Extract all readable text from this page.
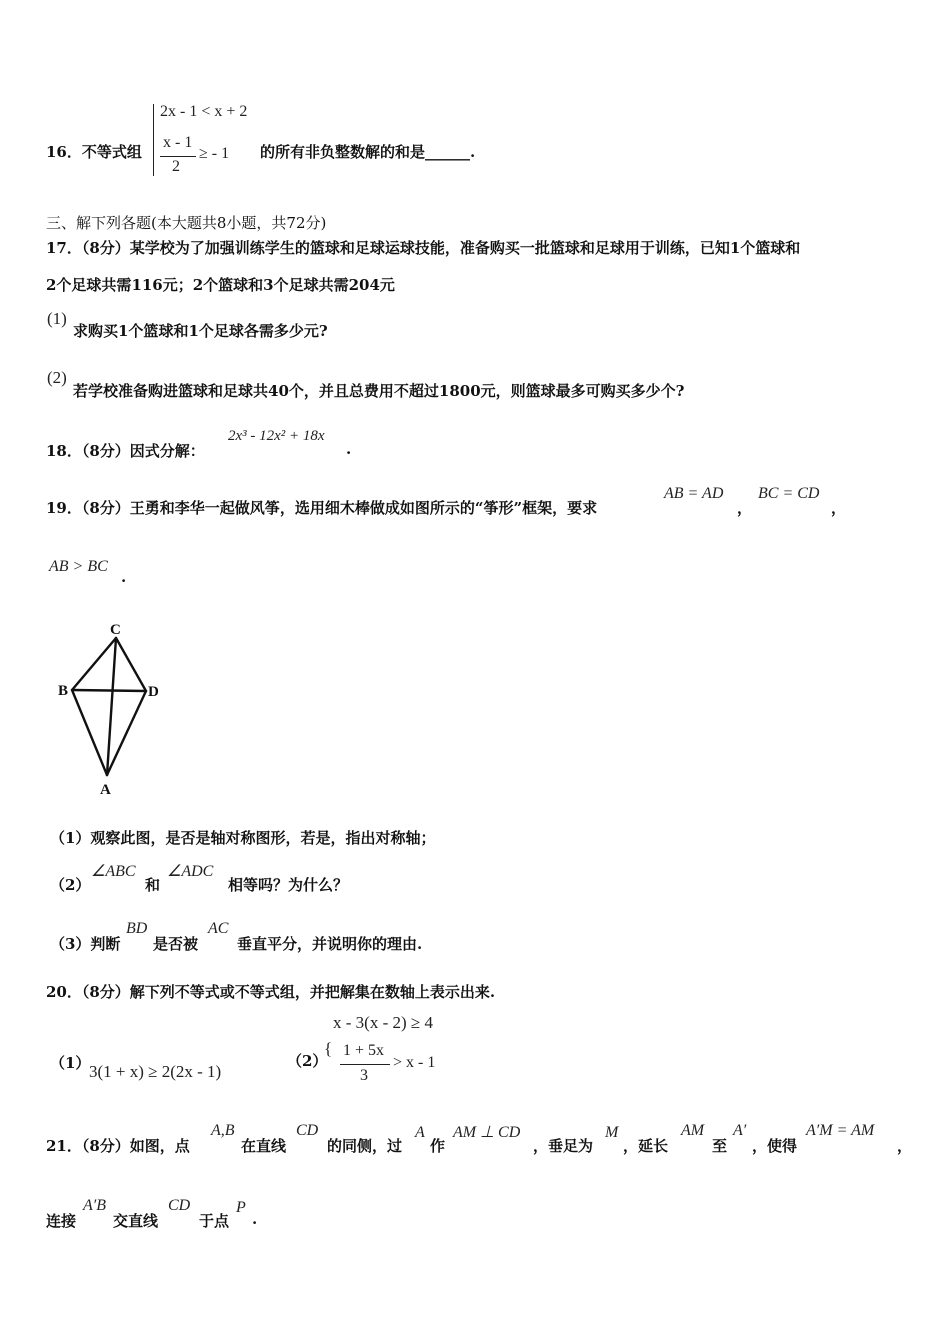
16．不等式组
2x - 1 < x + 2
x - 1
2
≥ - 1 的所有非负整数解的和是______.
三、解下列各题(本大题共8小题，共72分)
17．（8分）某学校为了加强训练学生的篮球和足球运球技能，准备购买一批篮球和足球用于训练，已知1个篮球和
2个足球共需116元；2个篮球和3个足球共需204元
(1)
求购买1个篮球和1个足球各需多少元?
(2)
若学校准备购进篮球和足球共40个，并且总费用不超过1800元，则篮球最多可购买多少个?
18．（8分）因式分解：
2x³ - 12x² + 18x
.
19．（8分）王勇和李华一起做风筝，选用细木棒做成如图所示的“筝形”框架，要求
AB = AD
，
BC = CD
，
AB > BC
.
C
B	D
A
（1）观察此图，是否是轴对称图形，若是，指出对称轴；
（2）
∠ABC
和
∠ADC
相等吗？为什么？
（3）判断
BD
是否被
AC
垂直平分，并说明你的理由.
20．（8分）解下列不等式或不等式组，并把解集在数轴上表示出来.
（1）
3(1 + x) ≥ 2(2x - 1)
（2）
{
x - 3(x - 2) ≥ 4
1 + 5x
3
> x - 1
21．（8分）如图，点
A,B
在直线
CD
的同侧，过
A
作
AM ⊥ CD
，垂足为
M
，延长
AM
至
A′
，使得
A′M = AM
，
连接
A′B
交直线
CD
于点
P
.
